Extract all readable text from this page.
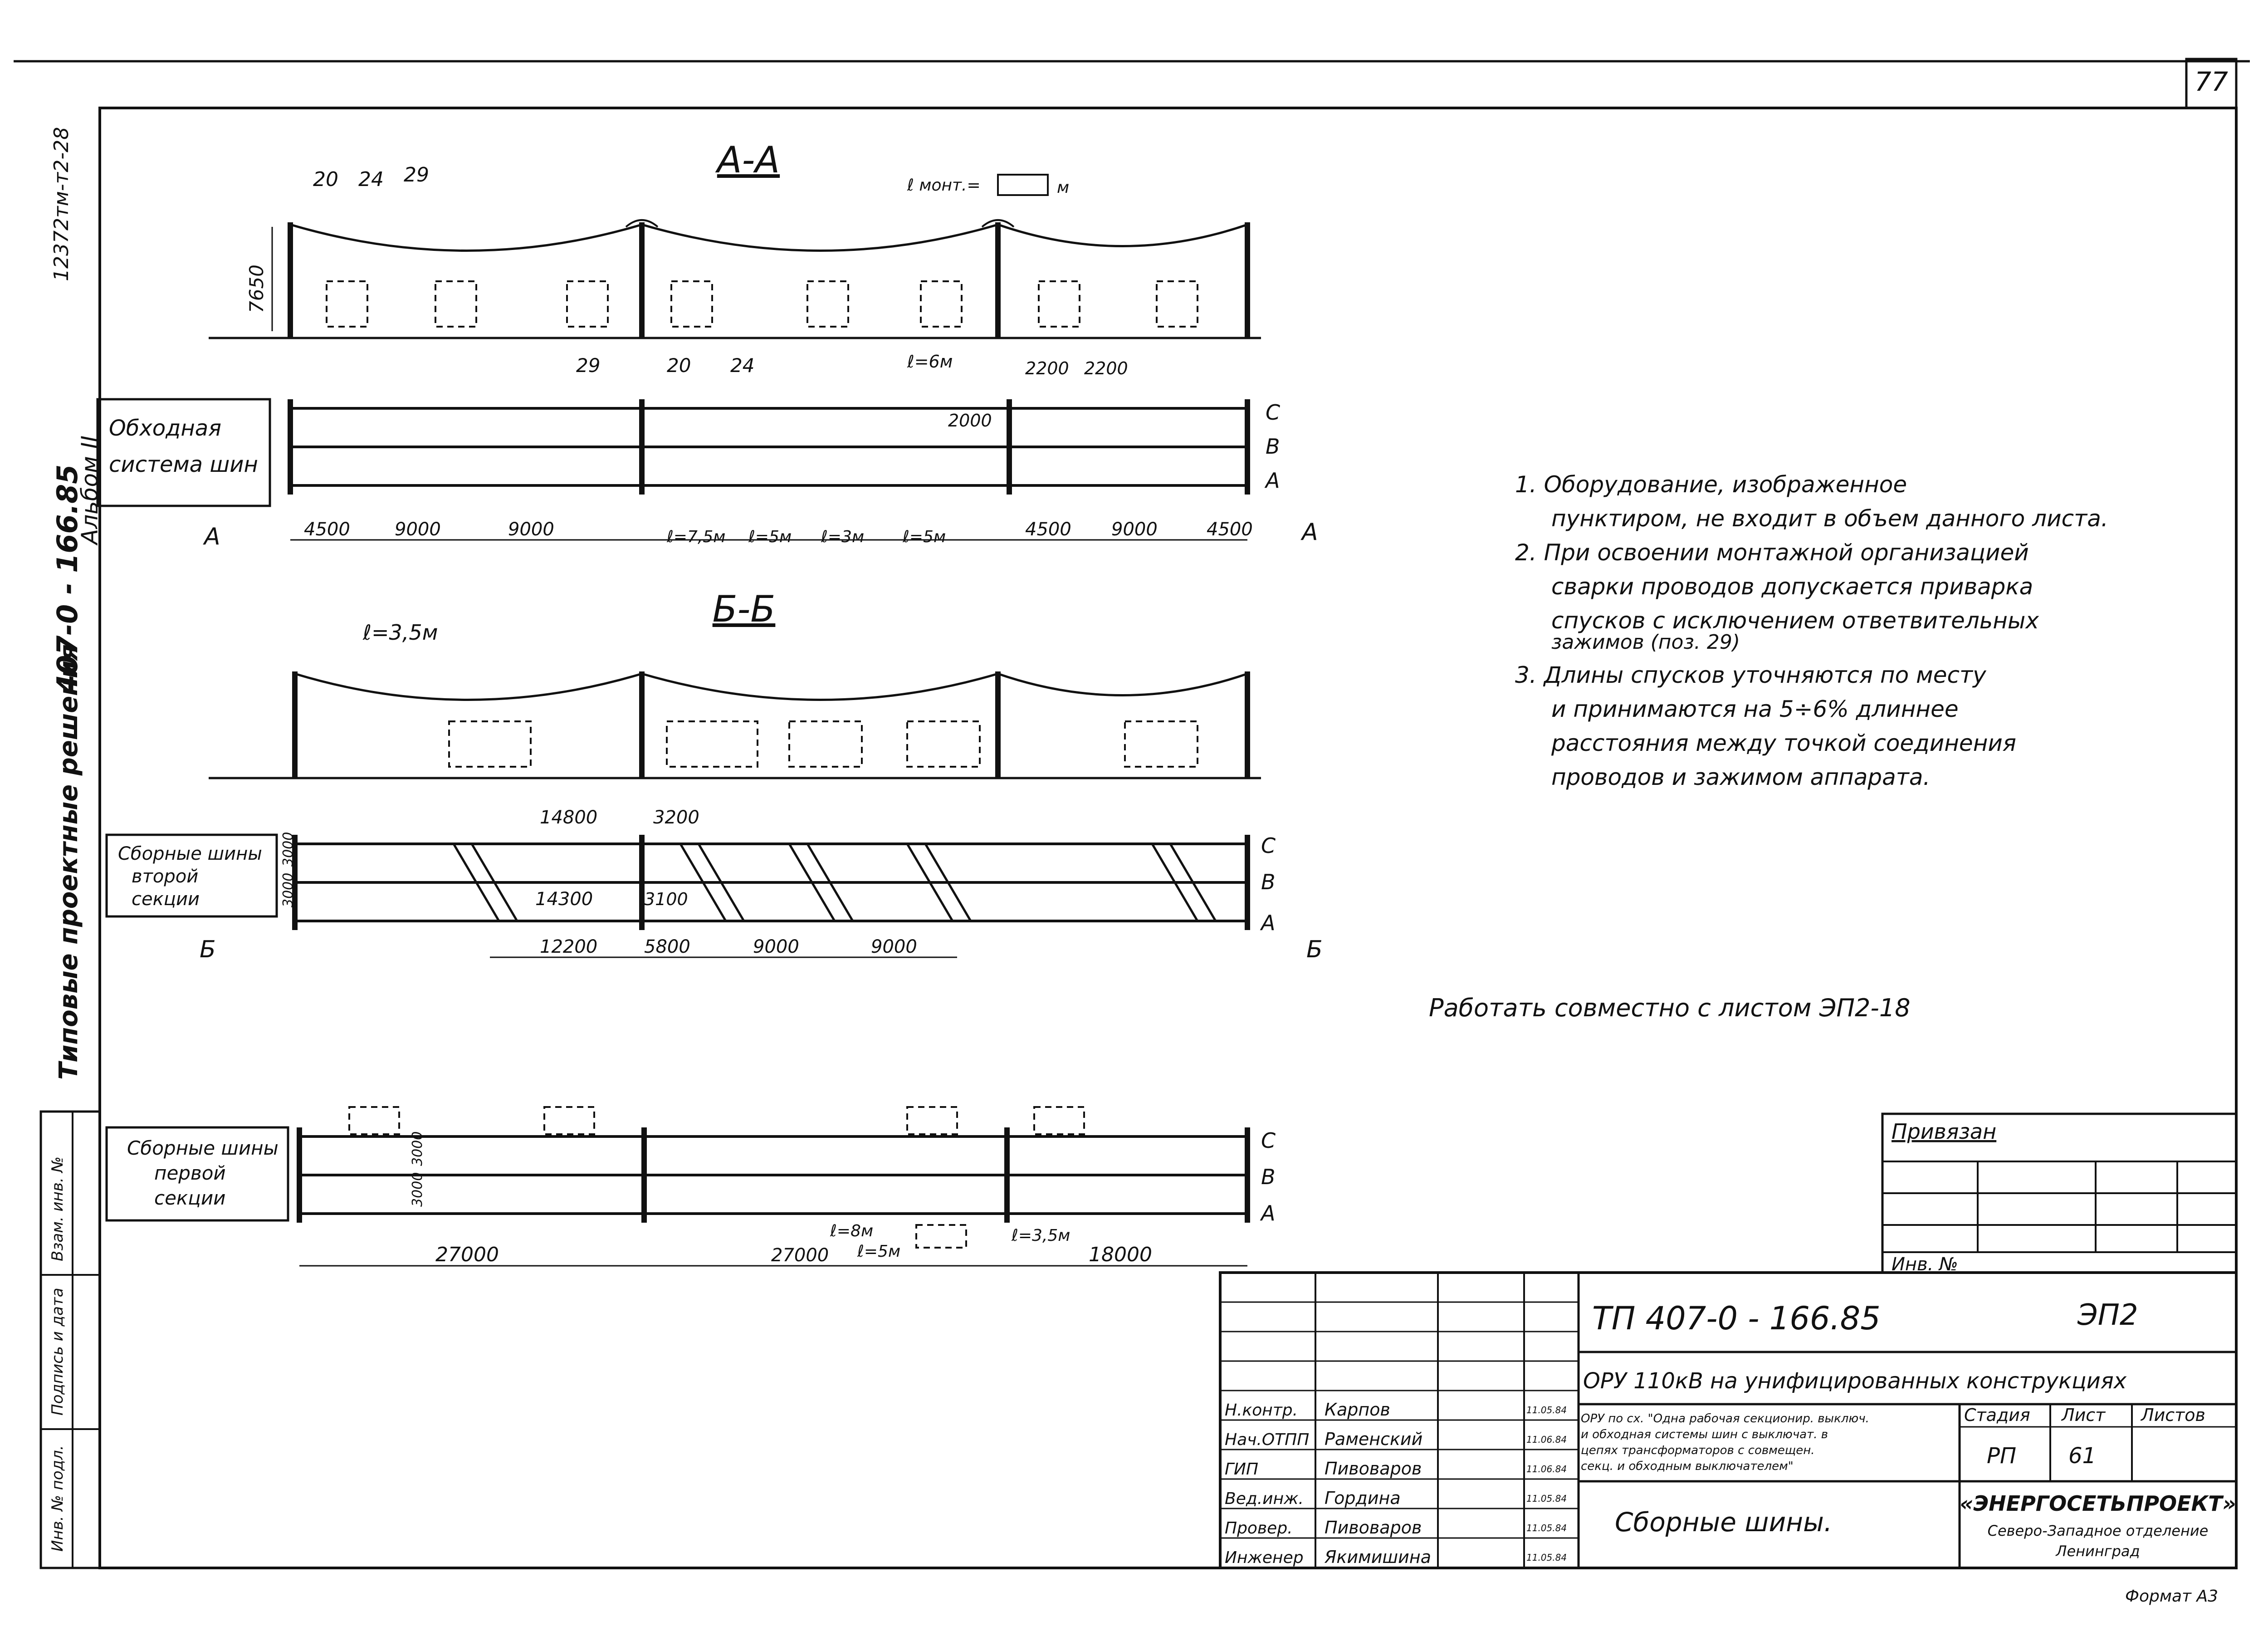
77
12372тм-т2-28
407-0 - 166.85
Альбом II
Типовые проектные решения
Инв. № подл.
Подпись и дата
Взам. инв. №
А-А
7650
20 24 29	ℓ монт.=	м
Обходная
система шин
С
В
А
29	20 24	2200 2200
2000
4500 9000	9000	4500 9000	4500
ℓ=6м
ℓ=7,5м ℓ=5м ℓ=3м ℓ=5м
А	А
Б-Б
ℓ=3,5м
Сборные шины
второй
секции
С
В
А
14800	3200
14300	3100
3000
3000
12200	5800	9000	9000
Б	Б
Сборные шины
первой
секции	3000
3000	С
В
А
ℓ=8м
ℓ=5м
ℓ=3,5м
27000	27000	18000
1. Оборудование, изображенное
пунктиром, не входит в объем данного листа.
2. При освоении монтажной организацией
сварки проводов допускается приварка
спусков с исключением ответвительных
зажимов (поз. 29)
3. Длины спусков уточняются по месту
и принимаются на 5÷6% длиннее
расстояния между точкой соединения
проводов и зажимом аппарата.
Работать совместно с листом ЭП2-18
Привязан
Инв. №
ТП 407-0 - 166.85	ЭП2
ОРУ 110кВ на унифицированных конструкциях
ОРУ по сх. "Одна рабочая секционир. выключ.
и обходная системы шин с выключат. в
цепях трансформаторов с совмещен.
секц. и обходным выключателем"
Сборные шины.
Стадия Лист Листов
РП 61
«ЭНЕРГОСЕТЬПРОЕКТ»
Северо-Западное отделение
Ленинград
Н.контр. Карпов	11.05.84
Нач.ОТПП Раменский	11.06.84
ГИП	Пивоваров	11.06.84
Вед.инж. Гордина	11.05.84
Провер. Пивоваров	11.05.84
Инженер Якимишина	11.05.84
Формат А3
